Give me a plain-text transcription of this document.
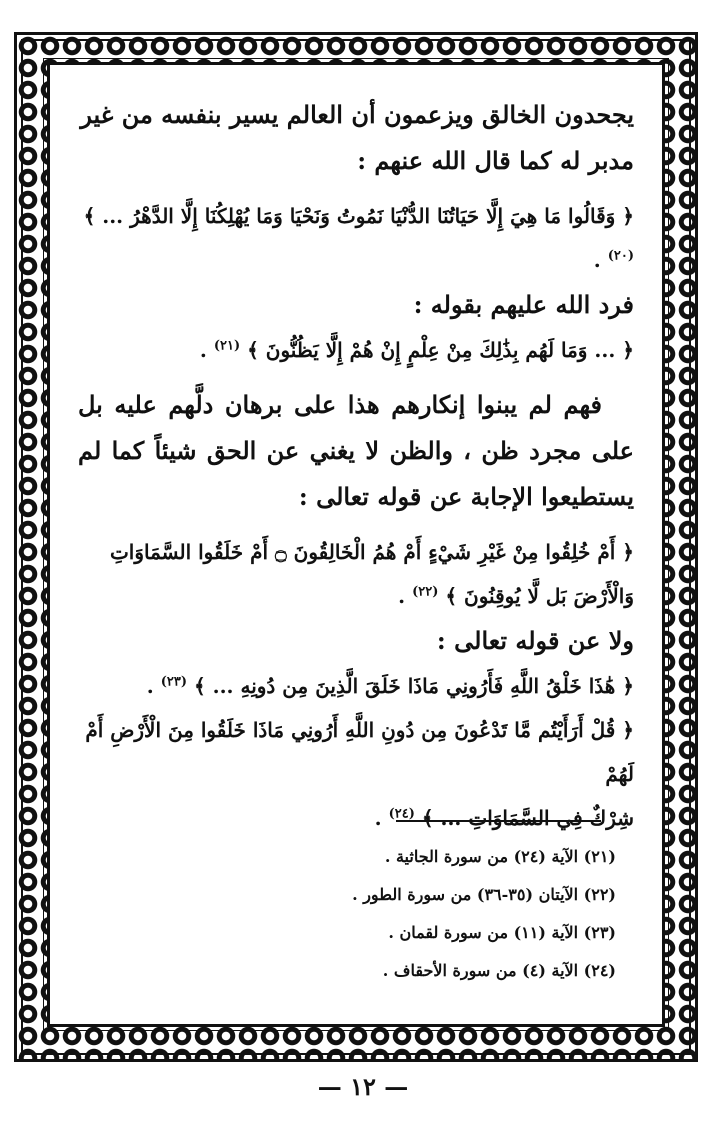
يجحدون الخالق ويزعمون أن العالم يسير بنفسه من غير
مدبر له كما قال الله عنهم :

﴿ وَقَالُوا مَا هِيَ إِلَّا حَيَاتُنَا الدُّنْيَا نَمُوتُ وَنَحْيَا وَمَا يُهْلِكُنَا إِلَّا الدَّهْرُ ... ﴾ $^{(٢٠)}$ .

فرد الله عليهم بقوله :

﴿ ... وَمَا لَهُم بِذَٰلِكَ مِنْ عِلْمٍ إِنْ هُمْ إِلَّا يَظُنُّونَ ﴾ $^{(٢١)}$ .

فهم لم يبنوا إنكارهم هذا على برهان دلَّهم عليه بل على مجرد ظن ، والظن لا يغني عن الحق شيئاً كما لم يستطيعوا الإجابة عن قوله تعالى :

﴿ أَمْ خُلِقُوا مِنْ غَيْرِ شَيْءٍ أَمْ هُمُ الْخَالِقُونَ ۝ أَمْ خَلَقُوا السَّمَاوَاتِ
وَالْأَرْضَ بَل لَّا يُوقِنُونَ ﴾ $^{(٢٢)}$ .

ولا عن قوله تعالى :

﴿ هَٰذَا خَلْقُ اللَّهِ فَأَرُونِي مَاذَا خَلَقَ الَّذِينَ مِن دُونِهِ ... ﴾ $^{(٢٣)}$ .

﴿ قُلْ أَرَأَيْتُم مَّا تَدْعُونَ مِن دُونِ اللَّهِ أَرُونِي مَاذَا خَلَقُوا مِنَ الْأَرْضِ أَمْ لَهُمْ
شِرْكٌ فِي السَّمَاوَاتِ ... ﴾ $^{(٢٤)}$ .

(٢١) الآية (٢٤) من سورة الجاثية .

(٢٢) الآيتان (٣٥-٣٦) من سورة الطور .

(٢٣) الآية (١١) من سورة لقمان .

(٢٤) الآية (٤) من سورة الأحقاف .

— ١٢ —
